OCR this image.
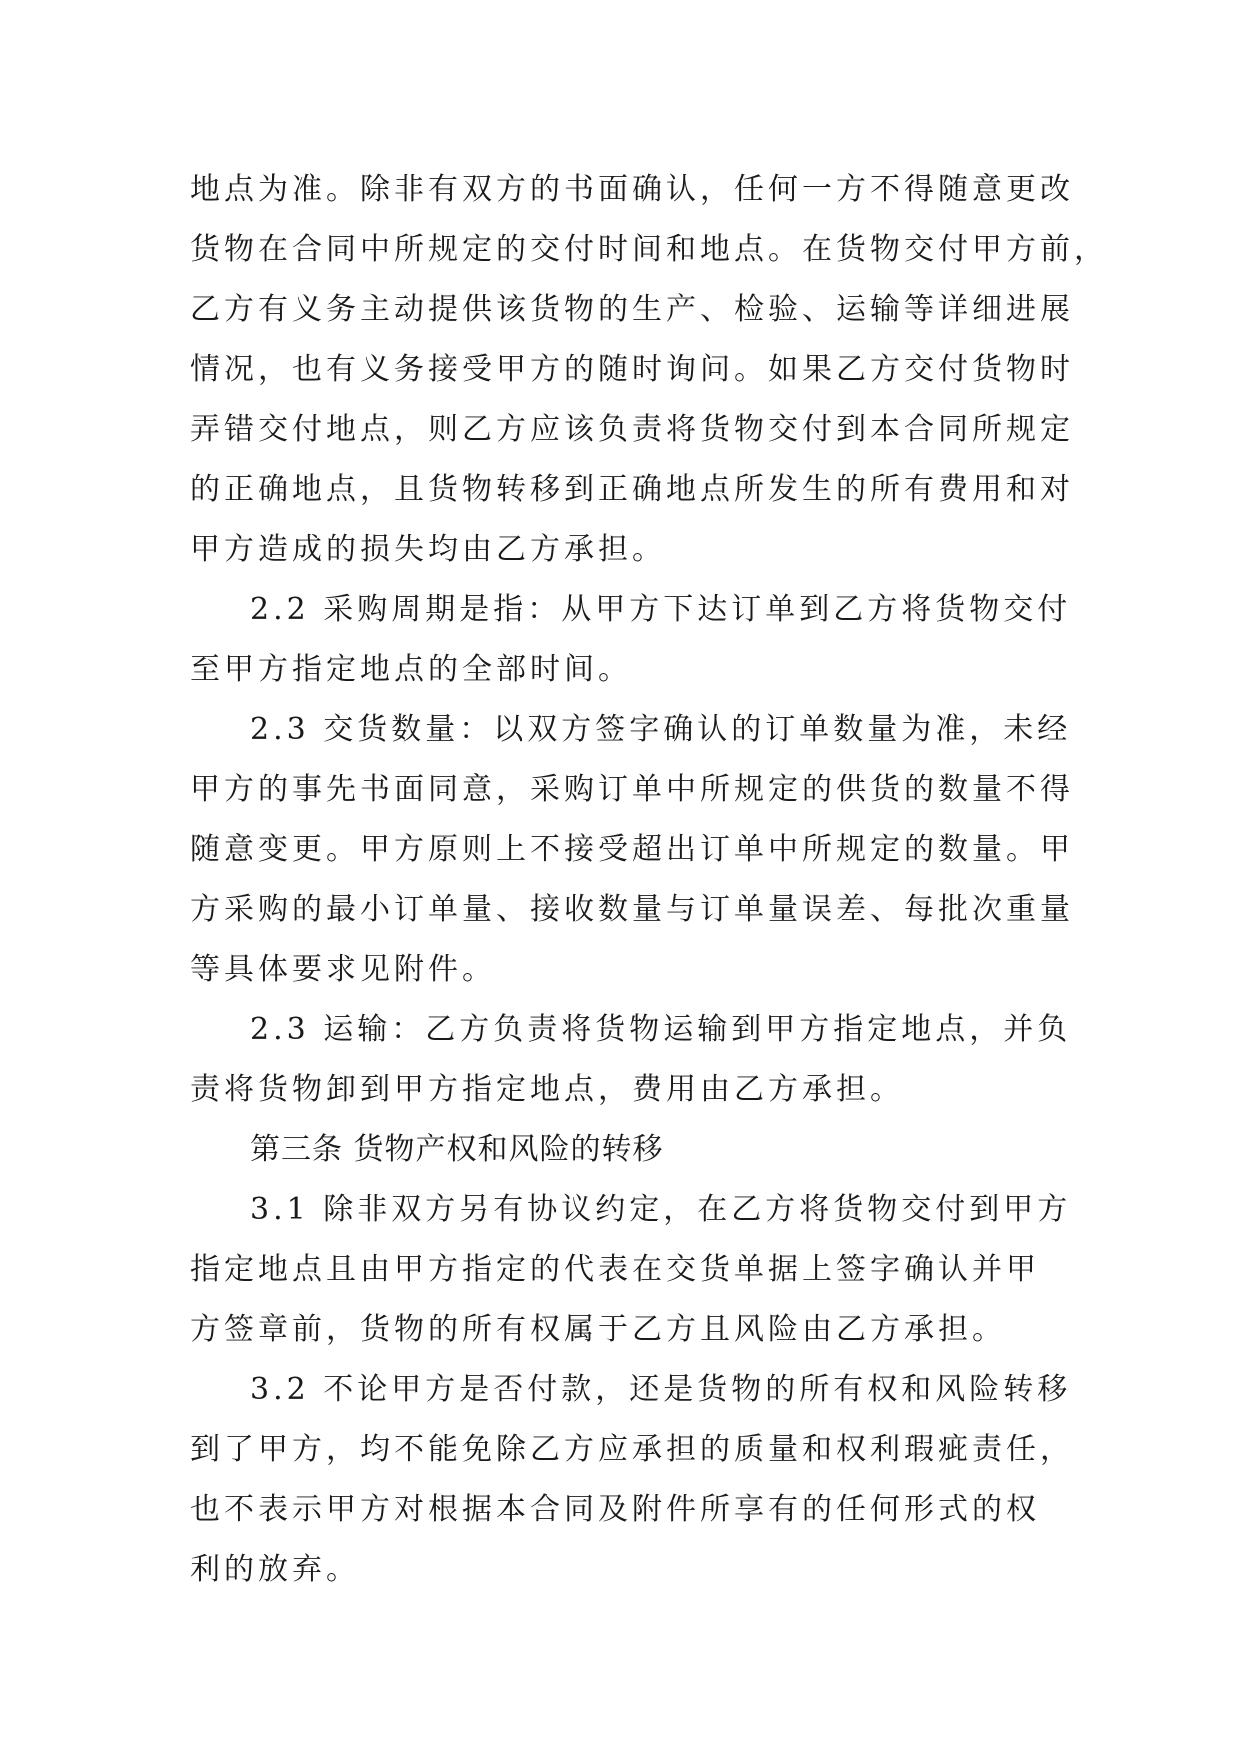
地点为准。除非有双方的书面确认，任何一方不得随意更改
货物在合同中所规定的交付时间和地点。在货物交付甲方前，
乙方有义务主动提供该货物的生产、检验、运输等详细进展
情况，也有义务接受甲方的随时询问。如果乙方交付货物时
弄错交付地点，则乙方应该负责将货物交付到本合同所规定
的正确地点，且货物转移到正确地点所发生的所有费用和对
甲方造成的损失均由乙方承担。
2.2 采购周期是指：从甲方下达订单到乙方将货物交付
至甲方指定地点的全部时间。
2.3 交货数量：以双方签字确认的订单数量为准，未经
甲方的事先书面同意，采购订单中所规定的供货的数量不得
随意变更。甲方原则上不接受超出订单中所规定的数量。甲
方采购的最小订单量、接收数量与订单量误差、每批次重量
等具体要求见附件。
2.3 运输：乙方负责将货物运输到甲方指定地点，并负
责将货物卸到甲方指定地点，费用由乙方承担。
第三条 货物产权和风险的转移
3.1 除非双方另有协议约定，在乙方将货物交付到甲方
指定地点且由甲方指定的代表在交货单据上签字确认并甲
方签章前，货物的所有权属于乙方且风险由乙方承担。
3.2 不论甲方是否付款，还是货物的所有权和风险转移
到了甲方，均不能免除乙方应承担的质量和权利瑕疵责任，
也不表示甲方对根据本合同及附件所享有的任何形式的权
利的放弃。
